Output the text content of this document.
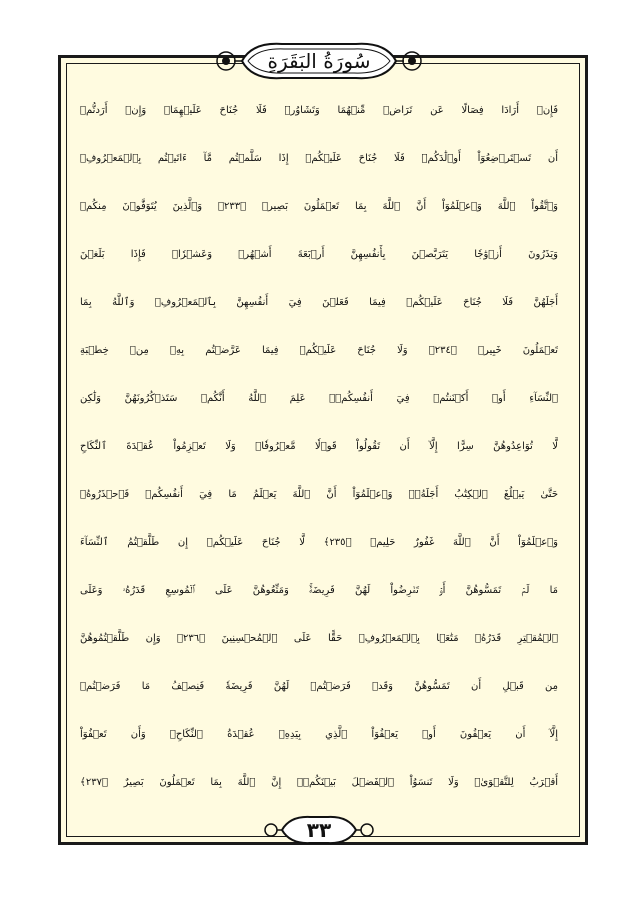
سُورَةُ البَقَرَةِ
فَإِنۡ أَرَادَا فِصَالًا عَن تَرَاضٖ مِّنۡهُمَا وَتَشَاوُرٖ فَلَا جُنَاحَ عَلَيۡهِمَاۗ وَإِنۡ أَرَدتُّمۡ
أَن تَسۡتَرۡضِعُوٓاْ أَوۡلَٰدَكُمۡ فَلَا جُنَاحَ عَلَيۡكُمۡ إِذَا سَلَّمۡتُم مَّآ ءَاتَيۡتُم بِٱلۡمَعۡرُوفِۗ
وَٱتَّقُواْ ٱللَّهَ وَٱعۡلَمُوٓاْ أَنَّ ٱللَّهَ بِمَا تَعۡمَلُونَ بَصِيرٞ ﴿٢٣٣﴾ وَٱلَّذِينَ يُتَوَفَّوۡنَ مِنكُمۡ
وَيَذَرُونَ أَزۡوَٰجٗا يَتَرَبَّصۡنَ بِأَنفُسِهِنَّ أَرۡبَعَةَ أَشۡهُرٖ وَعَشۡرٗاۖ فَإِذَا بَلَغۡنَ
أَجَلَهُنَّ فَلَا جُنَاحَ عَلَيۡكُمۡ فِيمَا فَعَلۡنَ فِيٓ أَنفُسِهِنَّ بِٱلۡمَعۡرُوفِۗ وَٱللَّهُ بِمَا
تَعۡمَلُونَ خَبِيرٞ ﴿٢٣٤﴾ وَلَا جُنَاحَ عَلَيۡكُمۡ فِيمَا عَرَّضۡتُم بِهِۦ مِنۡ خِطۡبَةِ
ٱلنِّسَآءِ أَوۡ أَكۡنَنتُمۡ فِيٓ أَنفُسِكُمۡۚ عَلِمَ ٱللَّهُ أَنَّكُمۡ سَتَذۡكُرُونَهُنَّ وَلَٰكِن
لَّا تُوَاعِدُوهُنَّ سِرًّا إِلَّآ أَن تَقُولُواْ قَوۡلٗا مَّعۡرُوفٗاۚ وَلَا تَعۡزِمُواْ عُقۡدَةَ ٱلنِّكَاحِ
حَتَّىٰ يَبۡلُغَ ٱلۡكِتَٰبُ أَجَلَهُۥۚ وَٱعۡلَمُوٓاْ أَنَّ ٱللَّهَ يَعۡلَمُ مَا فِيٓ أَنفُسِكُمۡ فَٱحۡذَرُوهُۚ
وَٱعۡلَمُوٓاْ أَنَّ ٱللَّهَ غَفُورٌ حَلِيمٞ ﴿٢٣٥﴾ لَّا جُنَاحَ عَلَيۡكُمۡ إِن طَلَّقۡتُمُ ٱلنِّسَآءَ
مَا لَمۡ تَمَسُّوهُنَّ أَوۡ تَفۡرِضُواْ لَهُنَّ فَرِيضَةٗۚ وَمَتِّعُوهُنَّ عَلَى ٱلۡمُوسِعِ قَدَرُهُۥ وَعَلَى
ٱلۡمُقۡتِرِ قَدَرُهُۥ مَتَٰعَۢا بِٱلۡمَعۡرُوفِۖ حَقًّا عَلَى ٱلۡمُحۡسِنِينَ ﴿٢٣٦﴾ وَإِن طَلَّقۡتُمُوهُنَّ
مِن قَبۡلِ أَن تَمَسُّوهُنَّ وَقَدۡ فَرَضۡتُمۡ لَهُنَّ فَرِيضَةٗ فَنِصۡفُ مَا فَرَضۡتُمۡ
إِلَّآ أَن يَعۡفُونَ أَوۡ يَعۡفُوَاْ ٱلَّذِي بِيَدِهِۦ عُقۡدَةُ ٱلنِّكَاحِۚ وَأَن تَعۡفُوٓاْ
أَقۡرَبُ لِلتَّقۡوَىٰۚ وَلَا تَنسَوُاْ ٱلۡفَضۡلَ بَيۡنَكُمۡۚ إِنَّ ٱللَّهَ بِمَا تَعۡمَلُونَ بَصِيرٌ ﴿٢٣٧﴾
٣٣
